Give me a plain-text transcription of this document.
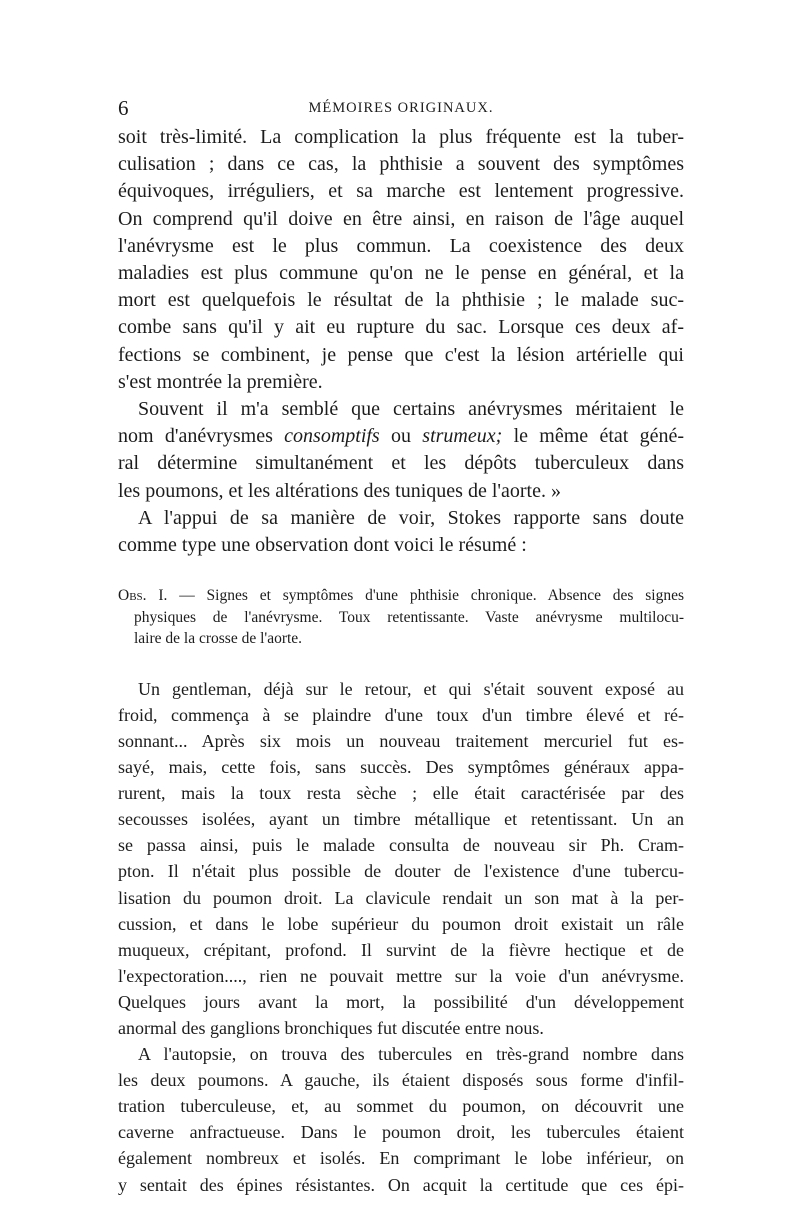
6	MÉMOIRES ORIGINAUX.

soit très-limité. La complication la plus fréquente est la tuber-
culisation ; dans ce cas, la phthisie a souvent des symptômes
équivoques, irréguliers, et sa marche est lentement progressive.
On comprend qu'il doive en être ainsi, en raison de l'âge auquel
l'anévrysme est le plus commun. La coexistence des deux
maladies est plus commune qu'on ne le pense en général, et la
mort est quelquefois le résultat de la phthisie ; le malade suc-
combe sans qu'il y ait eu rupture du sac. Lorsque ces deux af-
fections se combinent, je pense que c'est la lésion artérielle qui
s'est montrée la première.

Souvent il m'a semblé que certains anévrysmes méritaient le
nom d'anévrysmes consomptifs ou strumeux; le même état géné-
ral détermine simultanément et les dépôts tuberculeux dans
les poumons, et les altérations des tuniques de l'aorte. »

A l'appui de sa manière de voir, Stokes rapporte sans doute
comme type une observation dont voici le résumé :

Obs. I. — Signes et symptômes d'une phthisie chronique. Absence des signes
physiques de l'anévrysme. Toux retentissante. Vaste anévrysme multilocu-
laire de la crosse de l'aorte.
Un gentleman, déjà sur le retour, et qui s'était souvent exposé au
froid, commença à se plaindre d'une toux d'un timbre élevé et ré-
sonnant... Après six mois un nouveau traitement mercuriel fut es-
sayé, mais, cette fois, sans succès. Des symptômes généraux appa-
rurent, mais la toux resta sèche ; elle était caractérisée par des
secousses isolées, ayant un timbre métallique et retentissant. Un an
se passa ainsi, puis le malade consulta de nouveau sir Ph. Cram-
pton. Il n'était plus possible de douter de l'existence d'une tubercu-
lisation du poumon droit. La clavicule rendait un son mat à la per-
cussion, et dans le lobe supérieur du poumon droit existait un râle
muqueux, crépitant, profond. Il survint de la fièvre hectique et de
l'expectoration...., rien ne pouvait mettre sur la voie d'un anévrysme.
Quelques jours avant la mort, la possibilité d'un développement
anormal des ganglions bronchiques fut discutée entre nous.
A l'autopsie, on trouva des tubercules en très-grand nombre dans
les deux poumons. A gauche, ils étaient disposés sous forme d'infil-
tration tuberculeuse, et, au sommet du poumon, on découvrit une
caverne anfractueuse. Dans le poumon droit, les tubercules étaient
également nombreux et isolés. En comprimant le lobe inférieur, on
y sentait des épines résistantes. On acquit la certitude que ces épi-
